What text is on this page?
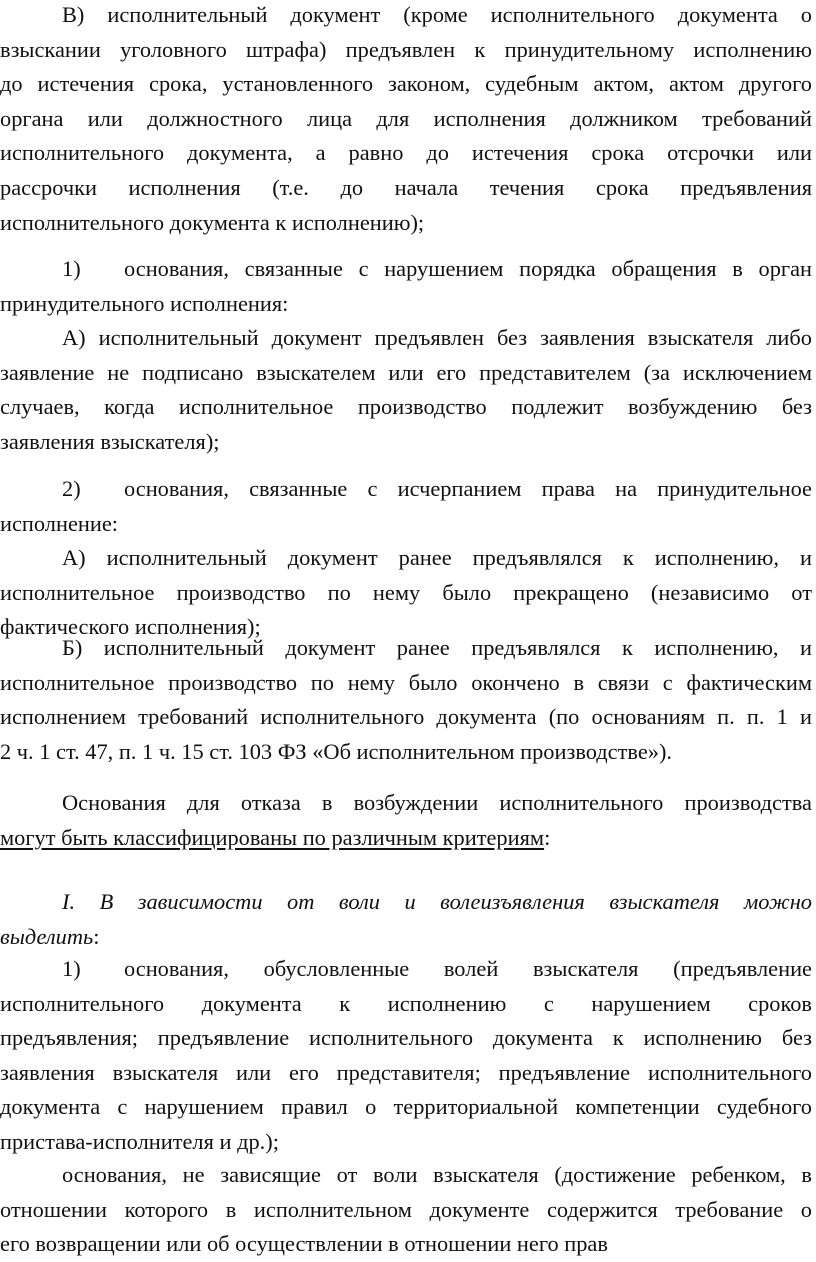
В) исполнительный документ (кроме исполнительного документа о
взыскании уголовного штрафа) предъявлен к принудительному исполнению
до истечения срока, установленного законом, судебным актом, актом другого
органа или должностного лица для исполнения должником требований
исполнительного документа, а равно до истечения срока отсрочки или
рассрочки исполнения (т.е. до начала течения срока предъявления
исполнительного документа к исполнению);
1) основания, связанные с нарушением порядка обращения в орган
принудительного исполнения:
А) исполнительный документ предъявлен без заявления взыскателя либо
заявление не подписано взыскателем или его представителем (за исключением
случаев, когда исполнительное производство подлежит возбуждению без
заявления взыскателя);
2) основания, связанные с исчерпанием права на принудительное
исполнение:
А) исполнительный документ ранее предъявлялся к исполнению, и
исполнительное производство по нему было прекращено (независимо от
фактического исполнения);
Б) исполнительный документ ранее предъявлялся к исполнению, и
исполнительное производство по нему было окончено в связи с фактическим
исполнением требований исполнительного документа (по основаниям п. п. 1 и
2 ч. 1 ст. 47, п. 1 ч. 15 ст. 103 ФЗ «Об исполнительном производстве»).
Основания для отказа в возбуждении исполнительного производства
могут быть классифицированы по различным критериям:
I. В зависимости от воли и волеизъявления взыскателя можно
выделить:
1) основания, обусловленные волей взыскателя (предъявление
исполнительного документа к исполнению с нарушением сроков
предъявления; предъявление исполнительного документа к исполнению без
заявления взыскателя или его представителя; предъявление исполнительного
документа с нарушением правил о территориальной компетенции судебного
пристава-исполнителя и др.);
основания, не зависящие от воли взыскателя (достижение ребенком, в
отношении которого в исполнительном документе содержится требование о
его возвращении или об осуществлении в отношении него прав
